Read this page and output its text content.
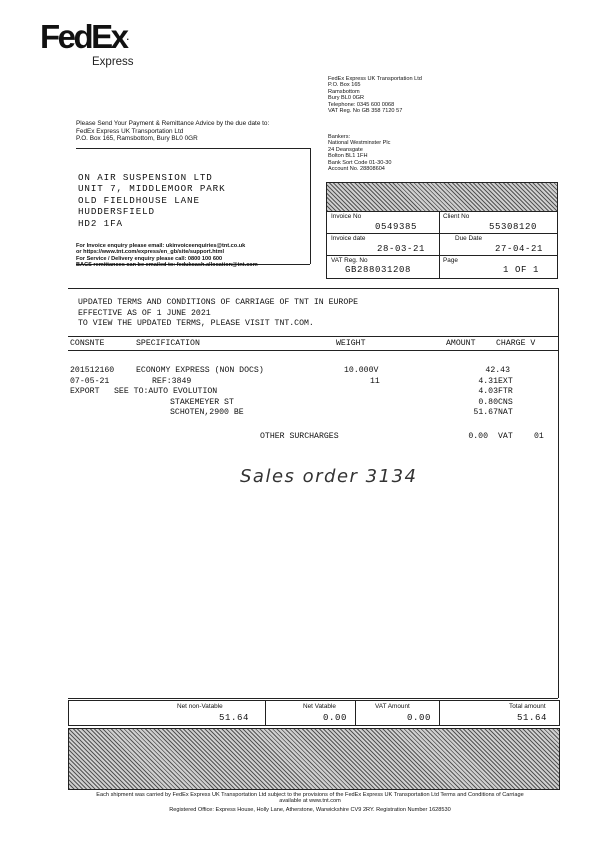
FedEx.
Express
FedEx Express UK Transportation Ltd
P.O. Box 165
Ramsbottom
Bury BL0 0GR
Telephone: 0345 600 0068
VAT Reg. No GB 358 7120 57
Bankers:
National Westminster Plc
24 Deansgate
Bolton BL1 1FH
Bank Sort Code 01-30-30
Account No. 28808604
Please Send Your Payment & Remittance Advice by the due date to:
FedEx Express UK Transportation Ltd
P.O. Box 165, Ramsbottom, Bury BL0 0GR
ON AIR SUSPENSION LTD
UNIT 7, MIDDLEMOOR PARK
OLD FIELDHOUSE LANE
HUDDERSFIELD
HD2 1FA
For Invoice enquiry please email: ukinvoiceenquiries@tnt.co.uk
or https://www.tnt.com/express/en_gb/site/support.html
For Service / Delivery enquiry please call: 0800 100 600
BACS remittances can be emailed to: fedukcash.allocation@tnt.com
Invoice No
0549385
Client No
55308120
Invoice date
28-03-21
Due Date
27-04-21
VAT Reg. No
GB288031208
Page
1 OF 1
UPDATED TERMS AND CONDITIONS OF CARRIAGE OF TNT IN EUROPE
EFFECTIVE AS OF 1 JUNE 2021
TO VIEW THE UPDATED TERMS, PLEASE VISIT TNT.COM.
CONSNTE	SPECIFICATION	WEIGHT	AMOUNT	CHARGE V
201512160	ECONOMY EXPRESS (NON DOCS)	10.000V	42.43
07-05-21	REF:3849	11	4.31 EXT
EXPORT SEE TO:AUTO EVOLUTION	4.03 FTR
STAKEMEYER ST	0.80 CNS
SCHOTEN,2900 BE	51.67 NAT
OTHER SURCHARGES	0.00 VAT	01
Sales order 3134
Net non-Vatable
51.64
Net Vatable
0.00
VAT Amount
0.00
Total amount
51.64
Each shipment was carried by FedEx Express UK Transportation Ltd subject to the provisions of the FedEx Express UK Transportation Ltd Terms and Conditions of Carriage
available at www.tnt.com
Registered Office: Express House, Holly Lane, Atherstone, Warwickshire CV9 2RY. Registration Number 1628530
